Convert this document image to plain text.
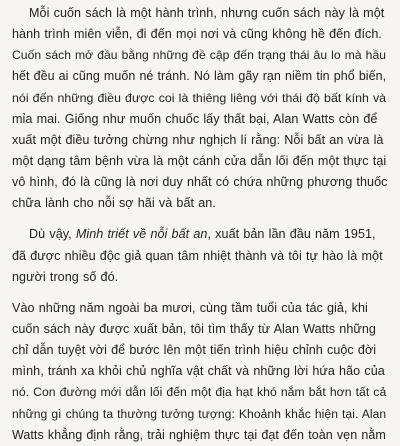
Mỗi cuốn sách là một hành trình, nhưng cuốn sách này là một
hành trình miên viễn, đi đến mọi nơi và cũng không hề đến đích.
Cuốn sách mở đầu bằng những đề cập đến trạng thái âu lo mà hầu
hết đều ai cũng muốn né tránh. Nó làm gãy rạn niềm tin phổ biến,
nói đến những điều được coi là thiêng liêng với thái độ bất kính và
mỉa mai. Giống như muốn chuốc lấy thất bại, Alan Watts còn để
xuất một điều tưởng chừng như nghịch lí rằng: Nỗi bất an vừa là
một dạng tâm bệnh vừa là một cánh cửa dẫn lối đến một thực tại
vô hình, đó là cũng là nơi duy nhất có chứa những phương thuốc
chữa lành cho nỗi sợ hãi và bất an.
Dù vậy, Minh triết về nỗi bất an, xuất bản lần đầu năm 1951,
đã được nhiều độc giả quan tâm nhiệt thành và tôi tự hào là một
người trong số đó.
Vào những năm ngoài ba mươi, cùng tầm tuổi của tác giả, khi
cuốn sách này được xuất bản, tôi tìm thấy từ Alan Watts những
chỉ dẫn tuyệt vời để bước lên một tiến trình hiệu chỉnh cuộc đời
mình, tránh xa khỏi chủ nghĩa vật chất và những lời hứa hão của
nó. Con đường mới dẫn lối đến một địa hạt khó nắm bắt hơn tất cả
những gì chúng ta thường tưởng tượng: Khoảnh khắc hiện tại. Alan
Watts khẳng định rằng, trải nghiệm thực tại đạt đến toàn vẹn nằm
